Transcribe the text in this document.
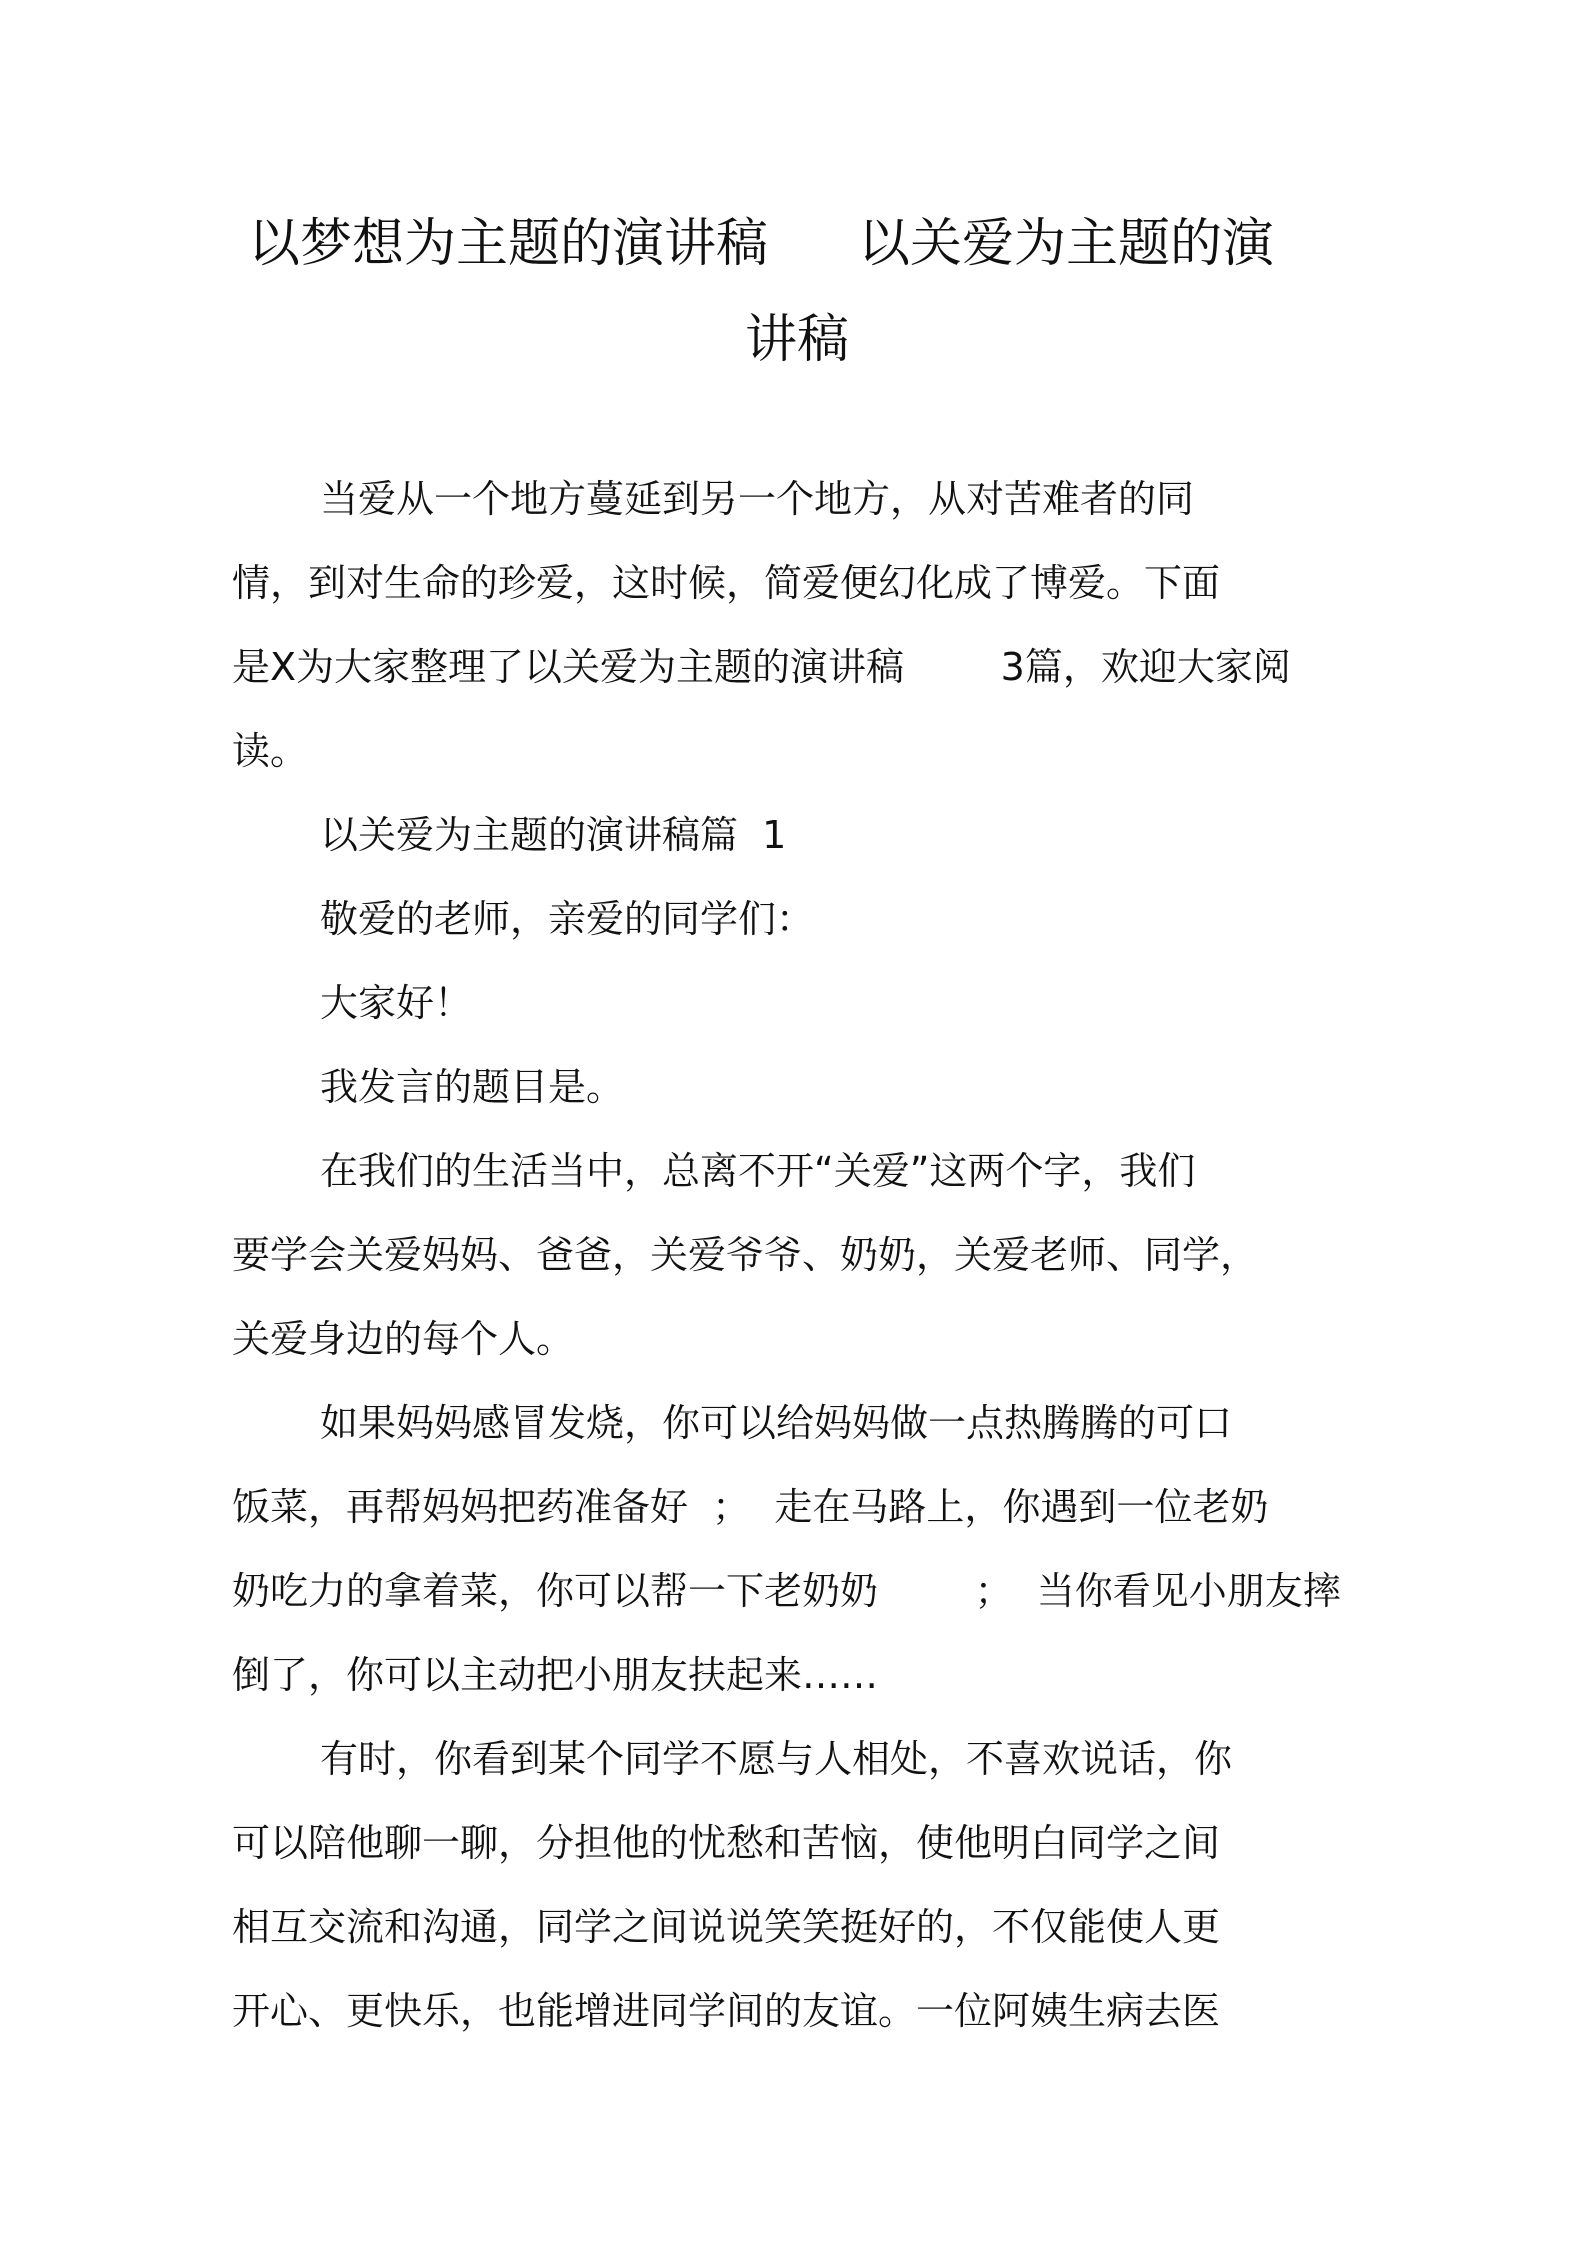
以梦想为主题的演讲稿 以关爱为主题的演
讲稿
当爱从一个地方蔓延到另一个地方，从对苦难者的同
情，到对生命的珍爱，这时候，简爱便幻化成了博爱。下面
是X为大家整理了以关爱为主题的演讲稿        3篇，欢迎大家阅
读。
以关爱为主题的演讲稿篇  1
敬爱的老师，亲爱的同学们：
大家好！
我发言的题目是。
在我们的生活当中，总离不开“关爱”这两个字，我们
要学会关爱妈妈、爸爸，关爱爷爷、奶奶，关爱老师、同学，
关爱身边的每个人。
如果妈妈感冒发烧，你可以给妈妈做一点热腾腾的可口
饭菜，再帮妈妈把药准备好  ；  走在马路上，你遇到一位老奶
奶吃力的拿着菜，你可以帮一下老奶奶        ；  当你看见小朋友摔
倒了，你可以主动把小朋友扶起来……
有时，你看到某个同学不愿与人相处，不喜欢说话，你
可以陪他聊一聊，分担他的忧愁和苦恼，使他明白同学之间
相互交流和沟通，同学之间说说笑笑挺好的，不仅能使人更
开心、更快乐，也能增进同学间的友谊。一位阿姨生病去医
